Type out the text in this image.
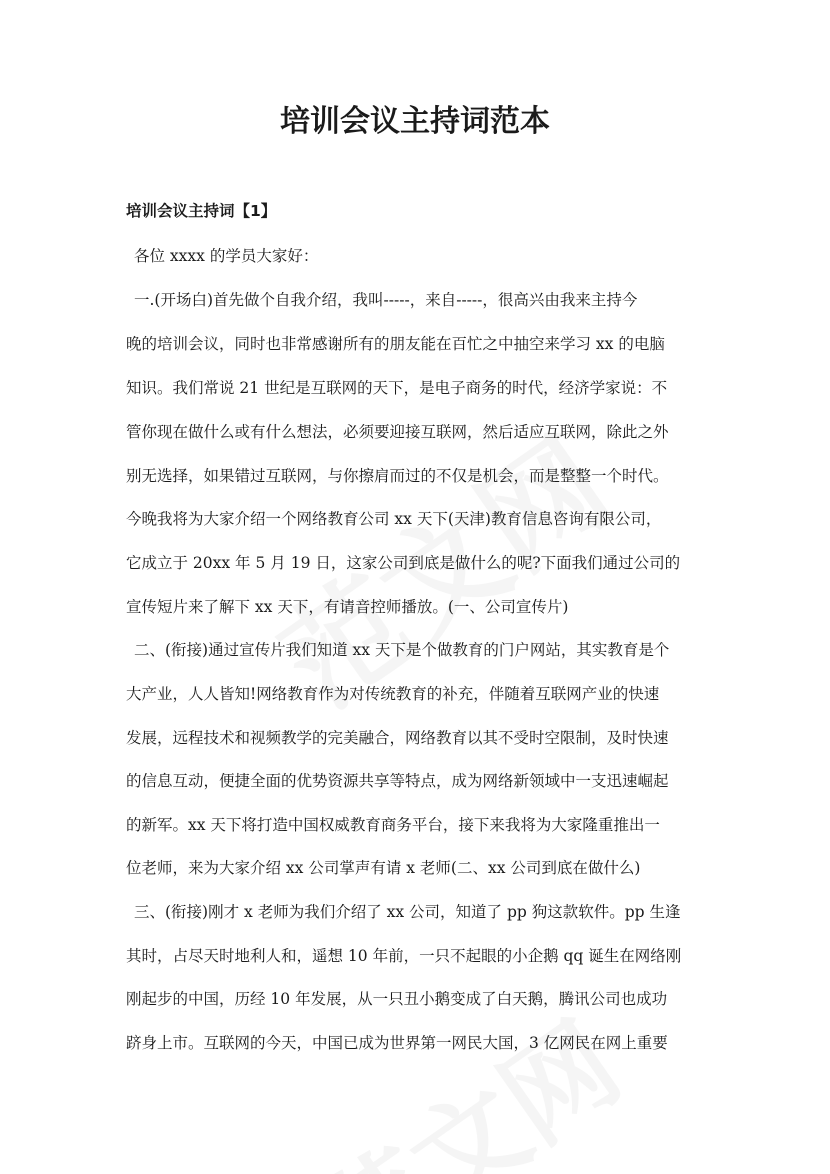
培训会议主持词范本
培训会议主持词【1】

各位 xxxx 的学员大家好：

一.(开场白)首先做个自我介绍，我叫-----，来自-----，很高兴由我来主持今

晚的培训会议，同时也非常感谢所有的朋友能在百忙之中抽空来学习 xx 的电脑

知识。我们常说 21 世纪是互联网的天下，是电子商务的时代，经济学家说：不

管你现在做什么或有什么想法，必须要迎接互联网，然后适应互联网，除此之外

别无选择，如果错过互联网，与你擦肩而过的不仅是机会，而是整整一个时代。

今晚我将为大家介绍一个网络教育公司 xx 天下(天津)教育信息咨询有限公司，

它成立于 20xx 年 5 月 19 日，这家公司到底是做什么的呢?下面我们通过公司的

宣传短片来了解下 xx 天下，有请音控师播放。(一、公司宣传片)

二、(衔接)通过宣传片我们知道 xx 天下是个做教育的门户网站，其实教育是个

大产业，人人皆知!网络教育作为对传统教育的补充，伴随着互联网产业的快速

发展，远程技术和视频教学的完美融合，网络教育以其不受时空限制，及时快速

的信息互动，便捷全面的优势资源共享等特点，成为网络新领域中一支迅速崛起

的新军。xx 天下将打造中国权威教育商务平台，接下来我将为大家隆重推出一

位老师，来为大家介绍 xx 公司掌声有请 x 老师(二、xx 公司到底在做什么)

三、(衔接)刚才 x 老师为我们介绍了 xx 公司，知道了 pp 狗这款软件。pp 生逢

其时，占尽天时地利人和，遥想 10 年前，一只不起眼的小企鹅 qq 诞生在网络刚

刚起步的中国，历经 10 年发展，从一只丑小鹅变成了白天鹅，腾讯公司也成功

跻身上市。互联网的今天，中国已成为世界第一网民大国，3 亿网民在网上重要
